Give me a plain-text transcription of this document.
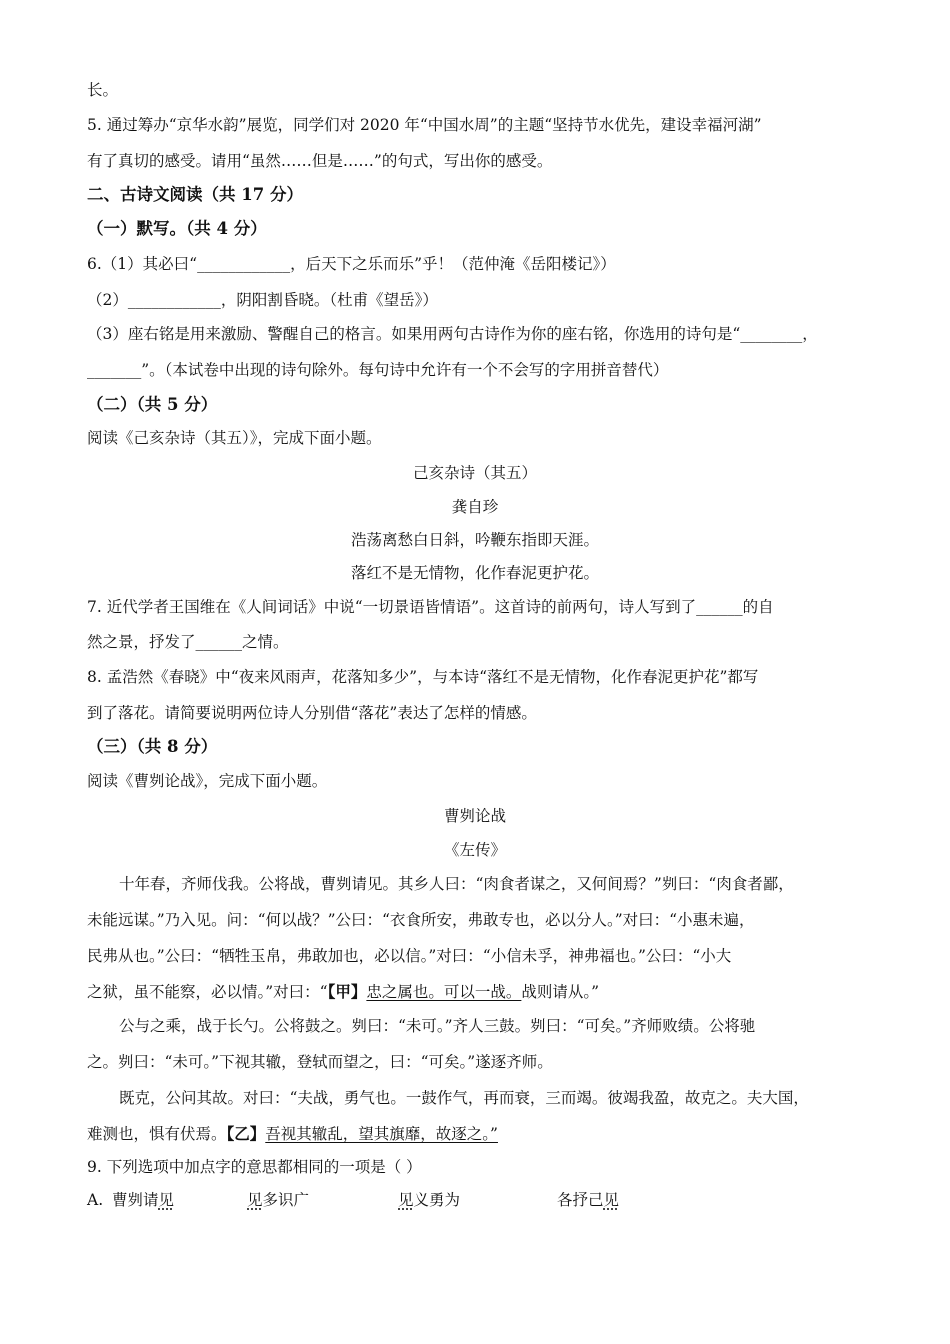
长。
5. 通过筹办“京华水韵”展览，同学们对 2020 年“中国水周”的主题“坚持节水优先，建设幸福河湖”
有了真切的感受。请用“虽然……但是……”的句式，写出你的感受。
二、古诗文阅读（共 17 分）
（一）默写。（共 4 分）
6.（1）其必曰“____________，后天下之乐而乐”乎！（范仲淹《岳阳楼记》）
（2）____________，阴阳割昏晓。（杜甫《望岳》）
（3）座右铭是用来激励、警醒自己的格言。如果用两句古诗作为你的座右铭，你选用的诗句是“________，
_______”。（本试卷中出现的诗句除外。每句诗中允许有一个不会写的字用拼音替代）
（二）（共 5 分）
阅读《己亥杂诗（其五）》，完成下面小题。
己亥杂诗（其五）
龚自珍
浩荡离愁白日斜，吟鞭东指即天涯。
落红不是无情物，化作春泥更护花。
7. 近代学者王国维在《人间词话》中说“一切景语皆情语”。这首诗的前两句，诗人写到了______的自
然之景，抒发了______之情。
8. 孟浩然《春晓》中“夜来风雨声，花落知多少”，与本诗“落红不是无情物，化作春泥更护花”都写
到了落花。请简要说明两位诗人分别借“落花”表达了怎样的情感。
（三）（共 8 分）
阅读《曹刿论战》，完成下面小题。
曹刿论战
《左传》
十年春，齐师伐我。公将战，曹刿请见。其乡人曰：“肉食者谋之，又何间焉？”刿曰：“肉食者鄙，
未能远谋。”乃入见。问：“何以战？”公曰：“衣食所安，弗敢专也，必以分人。”对曰：“小惠未遍，
民弗从也。”公曰：“牺牲玉帛，弗敢加也，必以信。”对曰：“小信未孚，神弗福也。”公曰：“小大
之狱，虽不能察，必以情。”对曰：“【甲】忠之属也。可以一战。战则请从。”
公与之乘，战于长勺。公将鼓之。刿曰：“未可。”齐人三鼓。刿曰：“可矣。”齐师败绩。公将驰
之。刿曰：“未可。”下视其辙，登轼而望之，曰：“可矣。”遂逐齐师。
既克，公问其故。对曰：“夫战，勇气也。一鼓作气，再而衰，三而竭。彼竭我盈，故克之。夫大国，
难测也，惧有伏焉。【乙】吾视其辙乱，望其旗靡，故逐之。”
9. 下列选项中加点字的意思都相同的一项是（ ）
A. 曹刿请见	见多识广	见义勇为	各抒己见
